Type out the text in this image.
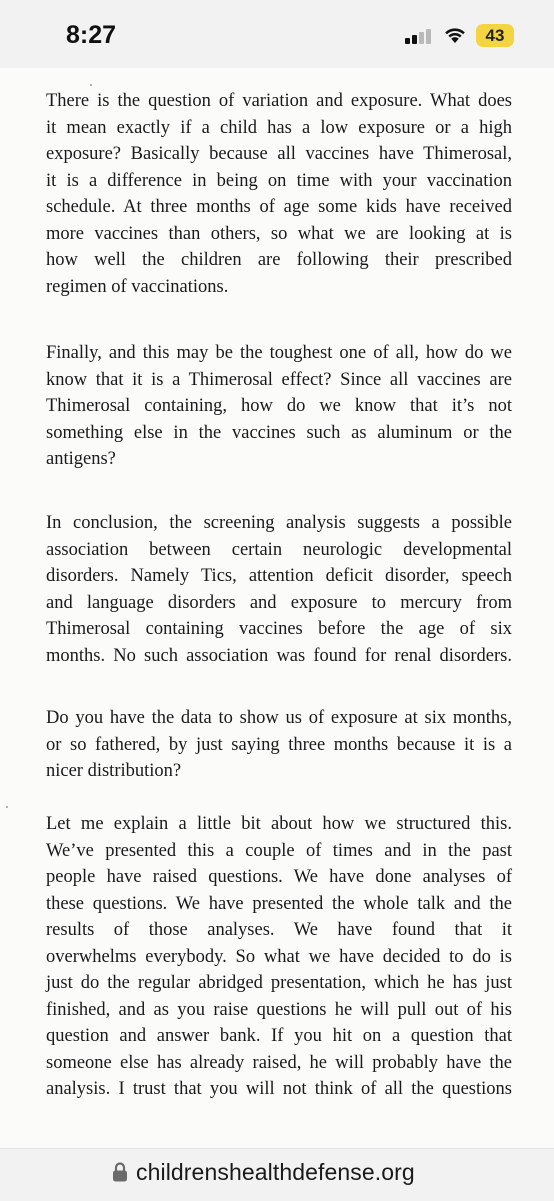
8:27	43

There is the question of variation and exposure. What does
it mean exactly if a child has a low exposure or a high
exposure? Basically because all vaccines have Thimerosal,
it is a difference in being on time with your vaccination
schedule. At three months of age some kids have received
more vaccines than others, so what we are looking at is
how well the children are following their prescribed
regimen of vaccinations.

Finally, and this may be the toughest one of all, how do we
know that it is a Thimerosal effect? Since all vaccines are
Thimerosal containing, how do we know that it’s not
something else in the vaccines such as aluminum or the
antigens?

In conclusion, the screening analysis suggests a possible
association between certain neurologic developmental
disorders. Namely Tics, attention deficit disorder, speech
and language disorders and exposure to mercury from
Thimerosal containing vaccines before the age of six
months. No such association was found for renal disorders.

Do you have the data to show us of exposure at six months,
or so fathered, by just saying three months because it is a
nicer distribution?

Let me explain a little bit about how we structured this.
We’ve presented this a couple of times and in the past
people have raised questions. We have done analyses of
these questions. We have presented the whole talk and the
results of those analyses. We have found that it
overwhelms everybody. So what we have decided to do is
just do the regular abridged presentation, which he has just
finished, and as you raise questions he will pull out of his
question and answer bank. If you hit on a question that
someone else has already raised, he will probably have the
analysis. I trust that you will not think of all the questions

childrenshealthdefense.org
